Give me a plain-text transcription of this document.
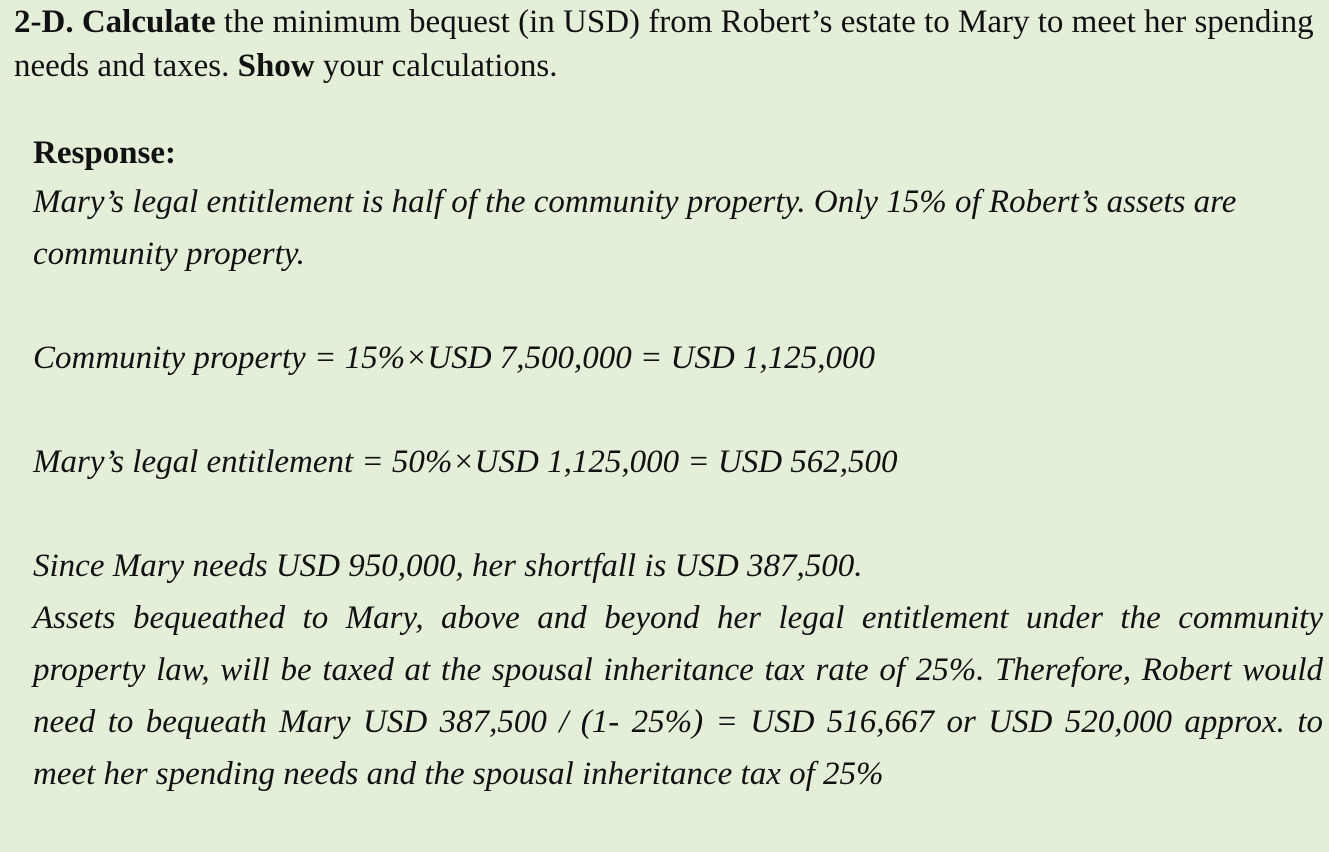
2-D. Calculate the minimum bequest (in USD) from Robert’s estate to Mary to meet her spending needs and taxes. Show your calculations.
Response:
Mary’s legal entitlement is half of the community property. Only 15% of Robert’s assets are community property.
Community property = 15%×USD 7,500,000 = USD 1,125,000
Mary’s legal entitlement = 50%×USD 1,125,000 = USD 562,500
Since Mary needs USD 950,000, her shortfall is USD 387,500.
Assets bequeathed to Mary, above and beyond her legal entitlement under the community property law, will be taxed at the spousal inheritance tax rate of 25%. Therefore, Robert would need to bequeath Mary USD 387,500 / (1- 25%) = USD 516,667 or USD 520,000 approx. to meet her spending needs and the spousal inheritance tax of 25%
